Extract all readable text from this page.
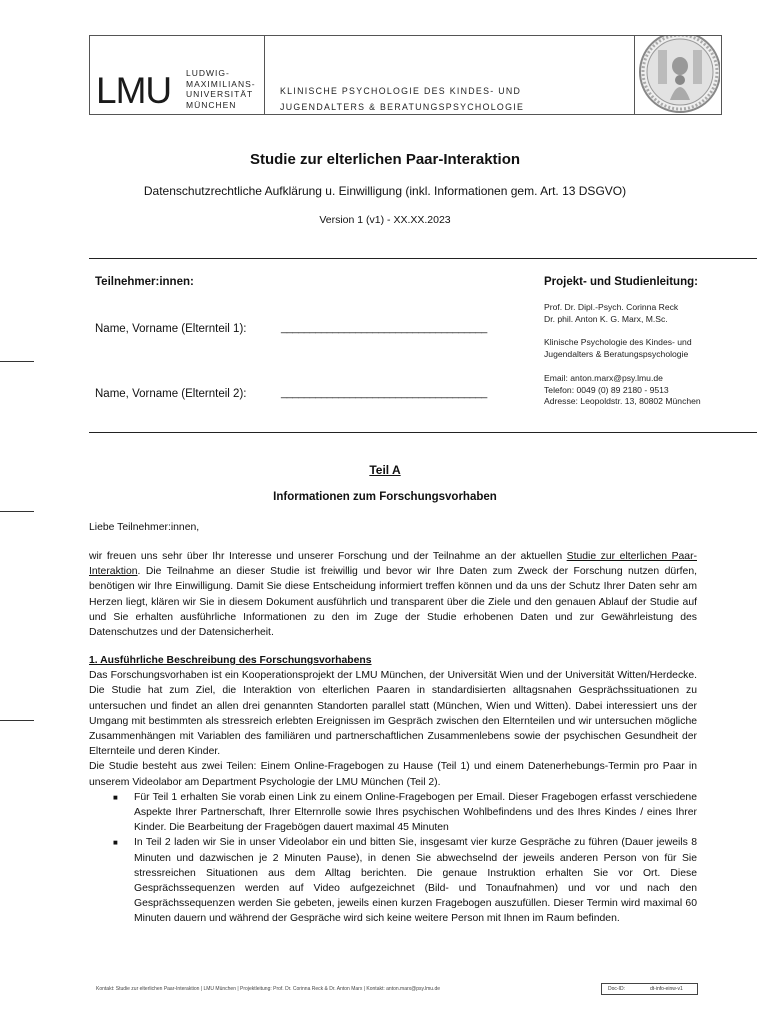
LMU LUDWIG-
MAXIMILIANS-
UNIVERSITÄT
MÜNCHEN
KLINISCHE PSYCHOLOGIE DES KINDES- UND
JUGENDALTERS & BERATUNGSPSYCHOLOGIE
Studie zur elterlichen Paar-Interaktion
Datenschutzrechtliche Aufklärung u. Einwilligung (inkl. Informationen gem. Art. 13 DSGVO)
Version 1 (v1) - XX.XX.2023
Teilnehmer:innen:
Name, Vorname (Elternteil 1):	____________________________________
Name, Vorname (Elternteil 2):	____________________________________
Projekt- und Studienleitung:
Prof. Dr. Dipl.-Psych. Corinna Reck
Dr. phil. Anton K. G. Marx, M.Sc.
Klinische Psychologie des Kindes- und
Jugendalters & Beratungspsychologie
Email: anton.marx@psy.lmu.de
Telefon: 0049 (0) 89 2180 - 9513
Adresse: Leopoldstr. 13, 80802 München
Teil A
Informationen zum Forschungsvorhaben
Liebe Teilnehmer:innen,
wir freuen uns sehr über Ihr Interesse und unserer Forschung und der Teilnahme an der aktuellen Studie zur elterlichen Paar-Interaktion. Die Teilnahme an dieser Studie ist freiwillig und bevor wir Ihre Daten zum Zweck der Forschung nutzen dürfen, benötigen wir Ihre Einwilligung. Damit Sie diese Entscheidung informiert treffen können und da uns der Schutz Ihrer Daten sehr am Herzen liegt, klären wir Sie in diesem Dokument ausführlich und transparent über die Ziele und den genauen Ablauf der Studie auf und Sie erhalten ausführliche Informationen zu den im Zuge der Studie erhobenen Daten und zur Gewährleistung des Datenschutzes und der Datensicherheit.
1. Ausführliche Beschreibung des Forschungsvorhabens
Das Forschungsvorhaben ist ein Kooperationsprojekt der LMU München, der Universität Wien und der Universität Witten/Herdecke. Die Studie hat zum Ziel, die Interaktion von elterlichen Paaren in standardisierten alltagsnahen Gesprächssituationen zu untersuchen und findet an allen drei genannten Standorten parallel statt (München, Wien und Witten). Dabei interessiert uns der Umgang mit bestimmten als stressreich erlebten Ereignissen im Gespräch zwischen den Elternteilen und wir untersuchen mögliche Zusammenhängen mit Variablen des familiären und partnerschaftlichen Zusammenlebens sowie der psychischen Gesundheit der Elternteile und deren Kinder.
Die Studie besteht aus zwei Teilen: Einem Online-Fragebogen zu Hause (Teil 1) und einem Datenerhebungs-Termin pro Paar in unserem Videolabor am Department Psychologie der LMU München (Teil 2).
■ Für Teil 1 erhalten Sie vorab einen Link zu einem Online-Fragebogen per Email. Dieser Fragebogen erfasst verschiedene Aspekte Ihrer Partnerschaft, Ihrer Elternrolle sowie Ihres psychischen Wohlbefindens und des Ihres Kindes / eines Ihrer Kinder. Die Bearbeitung der Fragebögen dauert maximal 45 Minuten
■ In Teil 2 laden wir Sie in unser Videolabor ein und bitten Sie, insgesamt vier kurze Gespräche zu führen (Dauer jeweils 8 Minuten und dazwischen je 2 Minuten Pause), in denen Sie abwechselnd der jeweils anderen Person von für Sie stressreichen Situationen aus dem Alltag berichten. Die genaue Instruktion erhalten Sie vor Ort. Diese Gesprächssequenzen werden auf Video aufgezeichnet (Bild- und Tonaufnahmen) und vor und nach den Gesprächssequenzen werden Sie gebeten, jeweils einen kurzen Fragebogen auszufüllen. Dieser Termin wird maximal 60 Minuten dauern und während der Gespräche wird sich keine weitere Person mit Ihnen im Raum befinden.
Kontakt: Studie zur elterlichen Paar-Interaktion | LMU München | Projektleitung: Prof. Dr. Corinna Reck & Dr. Anton Marx | Kontakt: anton.marx@psy.lmu.de	Doc-ID:	dt-info-einw-v1
